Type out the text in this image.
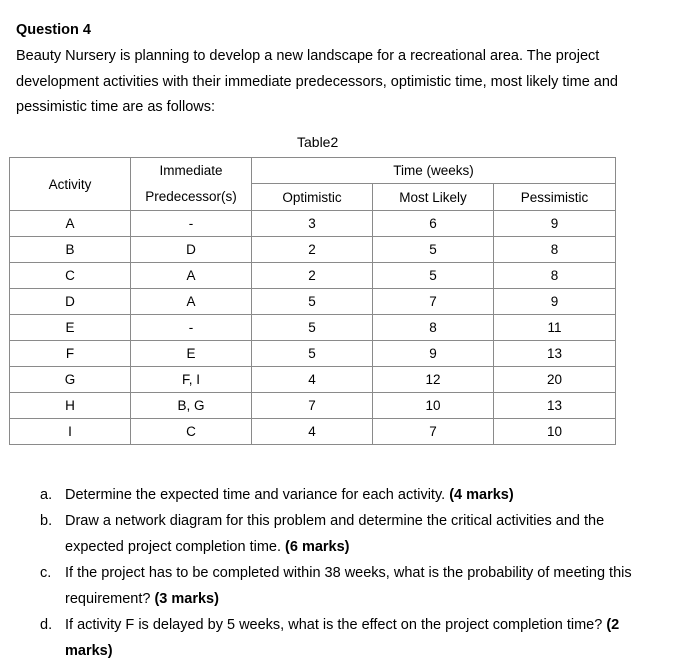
Question 4
Beauty Nursery is planning to develop a new landscape for a recreational area. The project development activities with their immediate predecessors, optimistic time, most likely time and pessimistic time are as follows:
Table2
Activity	Immediate	Time (weeks)		
	Predecessor(s)	Optimistic	Most Likely	Pessimistic
A	-	3	6	9
B	D	2	5	8
C	A	2	5	8
D	A	5	7	9
E	-	5	8	11
F	E	5	9	13
G	F, I	4	12	20
H	B, G	7	10	13
I	C	4	7	10
a. Determine the expected time and variance for each activity. (4 marks)
b. Draw a network diagram for this problem and determine the critical activities and the expected project completion time. (6 marks)
c. If the project has to be completed within 38 weeks, what is the probability of meeting this requirement? (3 marks)
d. If activity F is delayed by 5 weeks, what is the effect on the project completion time? (2 marks)
